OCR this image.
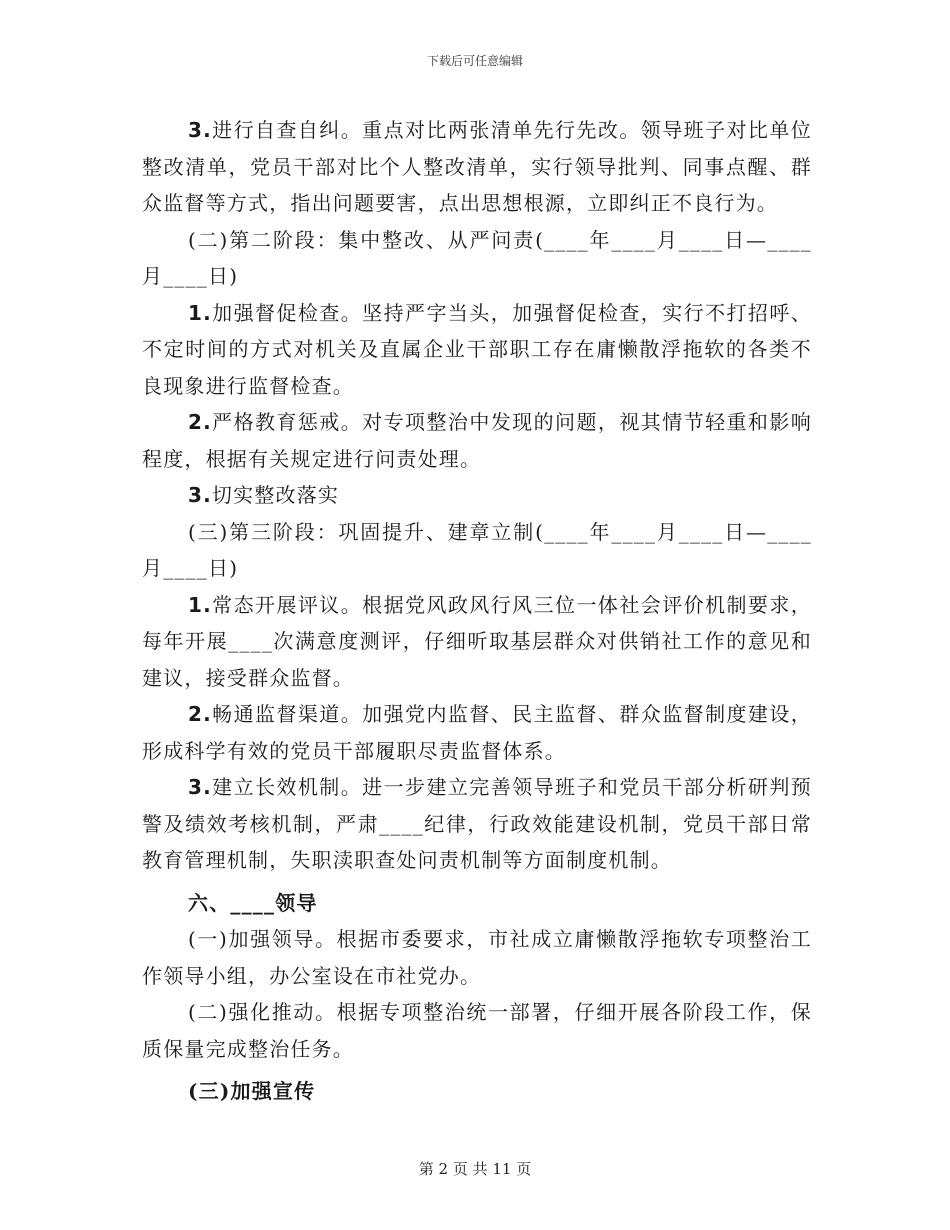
下载后可任意编辑

3.进行自查自纠。重点对比两张清单先行先改。领导班子对比单位整改清单，党员干部对比个人整改清单，实行领导批判、同事点醒、群众监督等方式，指出问题要害，点出思想根源，立即纠正不良行为。

(二)第二阶段：集中整改、从严问责(____年____月____日—____月____日)

1.加强督促检查。坚持严字当头，加强督促检查，实行不打招呼、不定时间的方式对机关及直属企业干部职工存在庸懒散浮拖软的各类不良现象进行监督检查。

2.严格教育惩戒。对专项整治中发现的问题，视其情节轻重和影响程度，根据有关规定进行问责处理。

3.切实整改落实

(三)第三阶段：巩固提升、建章立制(____年____月____日—____月____日)

1.常态开展评议。根据党风政风行风三位一体社会评价机制要求，每年开展____次满意度测评，仔细听取基层群众对供销社工作的意见和建议，接受群众监督。

2.畅通监督渠道。加强党内监督、民主监督、群众监督制度建设，形成科学有效的党员干部履职尽责监督体系。

3.建立长效机制。进一步建立完善领导班子和党员干部分析研判预警及绩效考核机制，严肃____纪律，行政效能建设机制，党员干部日常教育管理机制，失职渎职查处问责机制等方面制度机制。

六、____领导

(一)加强领导。根据市委要求，市社成立庸懒散浮拖软专项整治工作领导小组，办公室设在市社党办。

(二)强化推动。根据专项整治统一部署，仔细开展各阶段工作，保质保量完成整治任务。

(三)加强宣传

第 2 页 共 11 页
